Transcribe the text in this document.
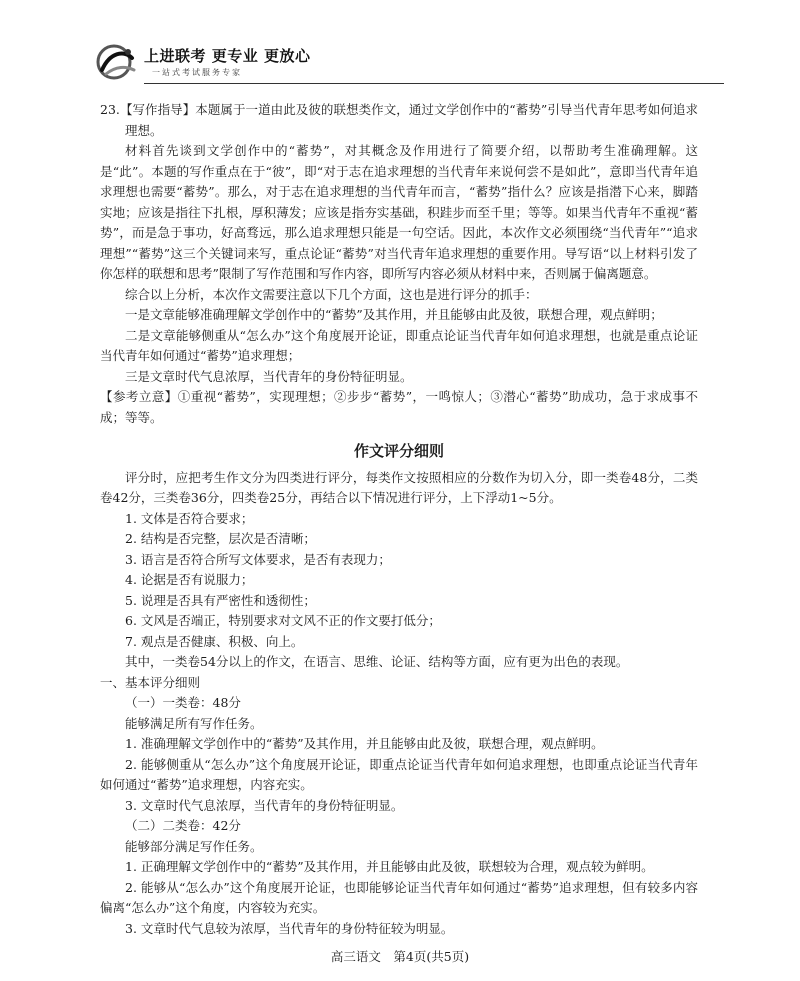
上进联考 更专业 更放心
一站式考试服务专家

23.【写作指导】本题属于一道由此及彼的联想类作文，通过文学创作中的“蓄势”引导当代青年思考如何追求理想。

材料首先谈到文学创作中的“蓄势”，对其概念及作用进行了简要介绍，以帮助考生准确理解。这是“此”。本题的写作重点在于“彼”，即“对于志在追求理想的当代青年来说何尝不是如此”，意即当代青年追求理想也需要“蓄势”。那么，对于志在追求理想的当代青年而言，“蓄势”指什么？应该是指潜下心来，脚踏实地；应该是指往下扎根，厚积薄发；应该是指夯实基础，积跬步而至千里；等等。如果当代青年不重视“蓄势”，而是急于事功，好高骛远，那么追求理想只能是一句空话。因此，本次作文必须围绕“当代青年”“追求理想”“蓄势”这三个关键词来写，重点论证“蓄势”对当代青年追求理想的重要作用。导写语“以上材料引发了你怎样的联想和思考”限制了写作范围和写作内容，即所写内容必须从材料中来，否则属于偏离题意。

综合以上分析，本次作文需要注意以下几个方面，这也是进行评分的抓手：

一是文章能够准确理解文学创作中的“蓄势”及其作用，并且能够由此及彼，联想合理，观点鲜明；

二是文章能够侧重从“怎么办”这个角度展开论证，即重点论证当代青年如何追求理想，也就是重点论证当代青年如何通过“蓄势”追求理想；

三是文章时代气息浓厚，当代青年的身份特征明显。

【参考立意】①重视“蓄势”，实现理想；②步步“蓄势”，一鸣惊人；③潜心“蓄势”助成功，急于求成事不成；等等。

作文评分细则

评分时，应把考生作文分为四类进行评分，每类作文按照相应的分数作为切入分，即一类卷48分，二类卷42分，三类卷36分，四类卷25分，再结合以下情况进行评分，上下浮动1~5分。

1. 文体是否符合要求；

2. 结构是否完整，层次是否清晰；

3. 语言是否符合所写文体要求，是否有表现力；

4. 论据是否有说服力；

5. 说理是否具有严密性和透彻性；

6. 文风是否端正，特别要求对文风不正的作文要打低分；

7. 观点是否健康、积极、向上。

其中，一类卷54分以上的作文，在语言、思维、论证、结构等方面，应有更为出色的表现。

一、基本评分细则

（一）一类卷：48分

能够满足所有写作任务。

1. 准确理解文学创作中的“蓄势”及其作用，并且能够由此及彼，联想合理，观点鲜明。

2. 能够侧重从“怎么办”这个角度展开论证，即重点论证当代青年如何追求理想，也即重点论证当代青年如何通过“蓄势”追求理想，内容充实。

3. 文章时代气息浓厚，当代青年的身份特征明显。

（二）二类卷：42分

能够部分满足写作任务。

1. 正确理解文学创作中的“蓄势”及其作用，并且能够由此及彼，联想较为合理，观点较为鲜明。

2. 能够从“怎么办”这个角度展开论证，也即能够论证当代青年如何通过“蓄势”追求理想，但有较多内容偏离“怎么办”这个角度，内容较为充实。

3. 文章时代气息较为浓厚，当代青年的身份特征较为明显。

高三语文　第4页(共5页)
